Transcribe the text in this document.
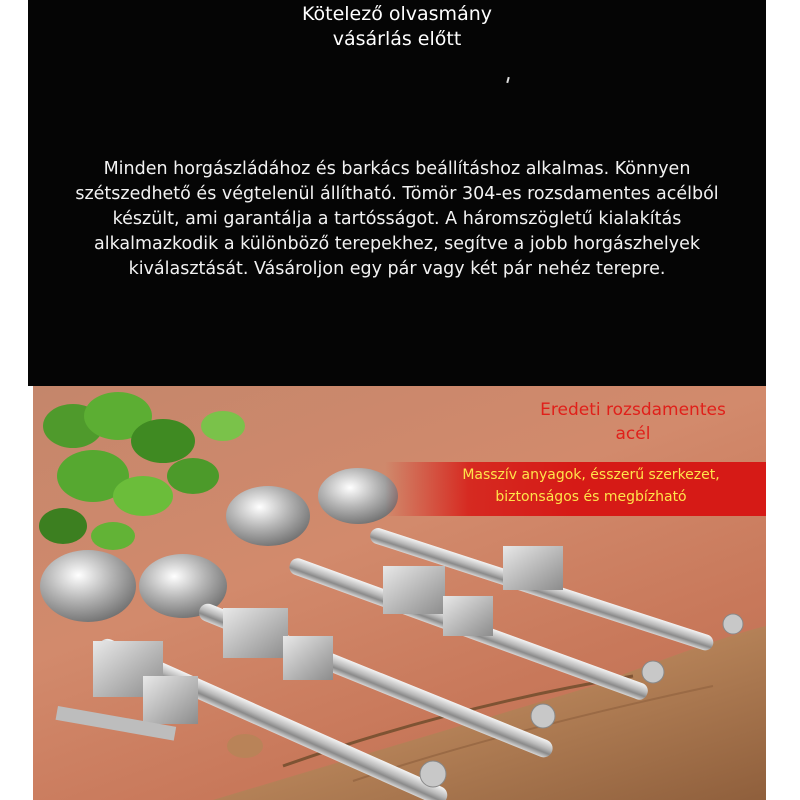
Kötelező olvasmány
vásárlás előtt
Minden horgászládához és barkács beállításhoz alkalmas. Könnyen
szétszedhető és végtelenül állítható. Tömör 304-es rozsdamentes acélból
készült, ami garantálja a tartósságot. A háromszögletű kialakítás
alkalmazkodik a különböző terepekhez, segítve a jobb horgászhelyek
kiválasztását. Vásároljon egy pár vagy két pár nehéz terepre.
Eredeti rozsdamentes
acél
Masszív anyagok, ésszerű szerkezet,
biztonságos és megbízható
